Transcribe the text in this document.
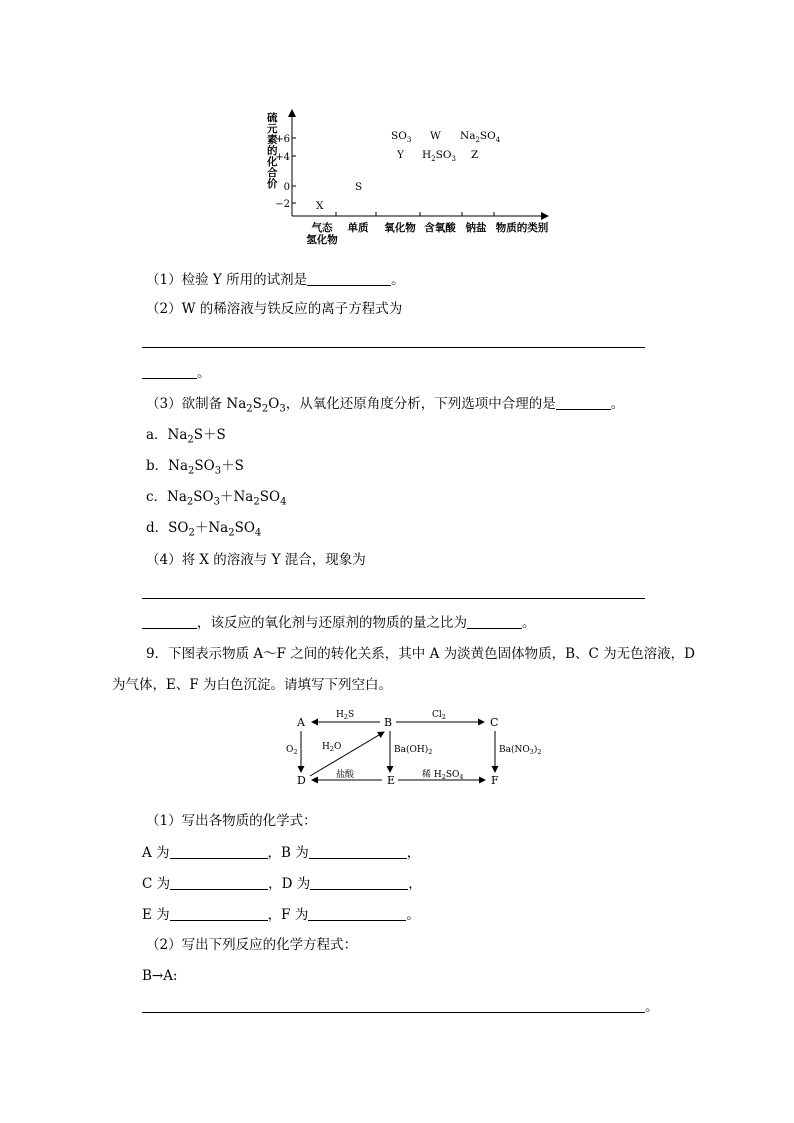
硫
元
素
的
化
合
价
+6
+4
0
−2
气态
氢化物
单质 氧化物 含氧酸 钠盐 物质的类别
$SO_3$ W $Na_2SO_4$
Y $H_2SO_3$ Z
S
X
（1）检验 Y 所用的试剂是	。
（2）W 的稀溶液与铁反应的离子方程式为
。
（3）欲制备 $Na_2S_2O_3$，从氧化还原角度分析，下列选项中合理的是	。
a．$Na_2S+S$
b．$Na_2SO_3+S$
c．$Na_2SO_3+Na_2SO_4$
d．$SO_2+Na_2SO_4$
（4）将 X 的溶液与 Y 混合，现象为
，该反应的氧化剂与还原剂的物质的量之比为	。
9．下图表示物质 A～F 之间的转化关系，其中 A 为淡黄色固体物质，B、C 为无色溶液，D
为气体，E、F 为白色沉淀。请填写下列空白。
A	B	C
D	E	F
$H_2S$	$Cl_2$
$O_2$	$H_2O$	$Ba(OH)_2$	$Ba(NO_3)_2$
盐酸	稀 $H_2SO_4$
（1）写出各物质的化学式：
A 为	，B 为	，
C 为	，D 为	，
E 为	，F 为	。
（2）写出下列反应的化学方程式：
B→A:
。
